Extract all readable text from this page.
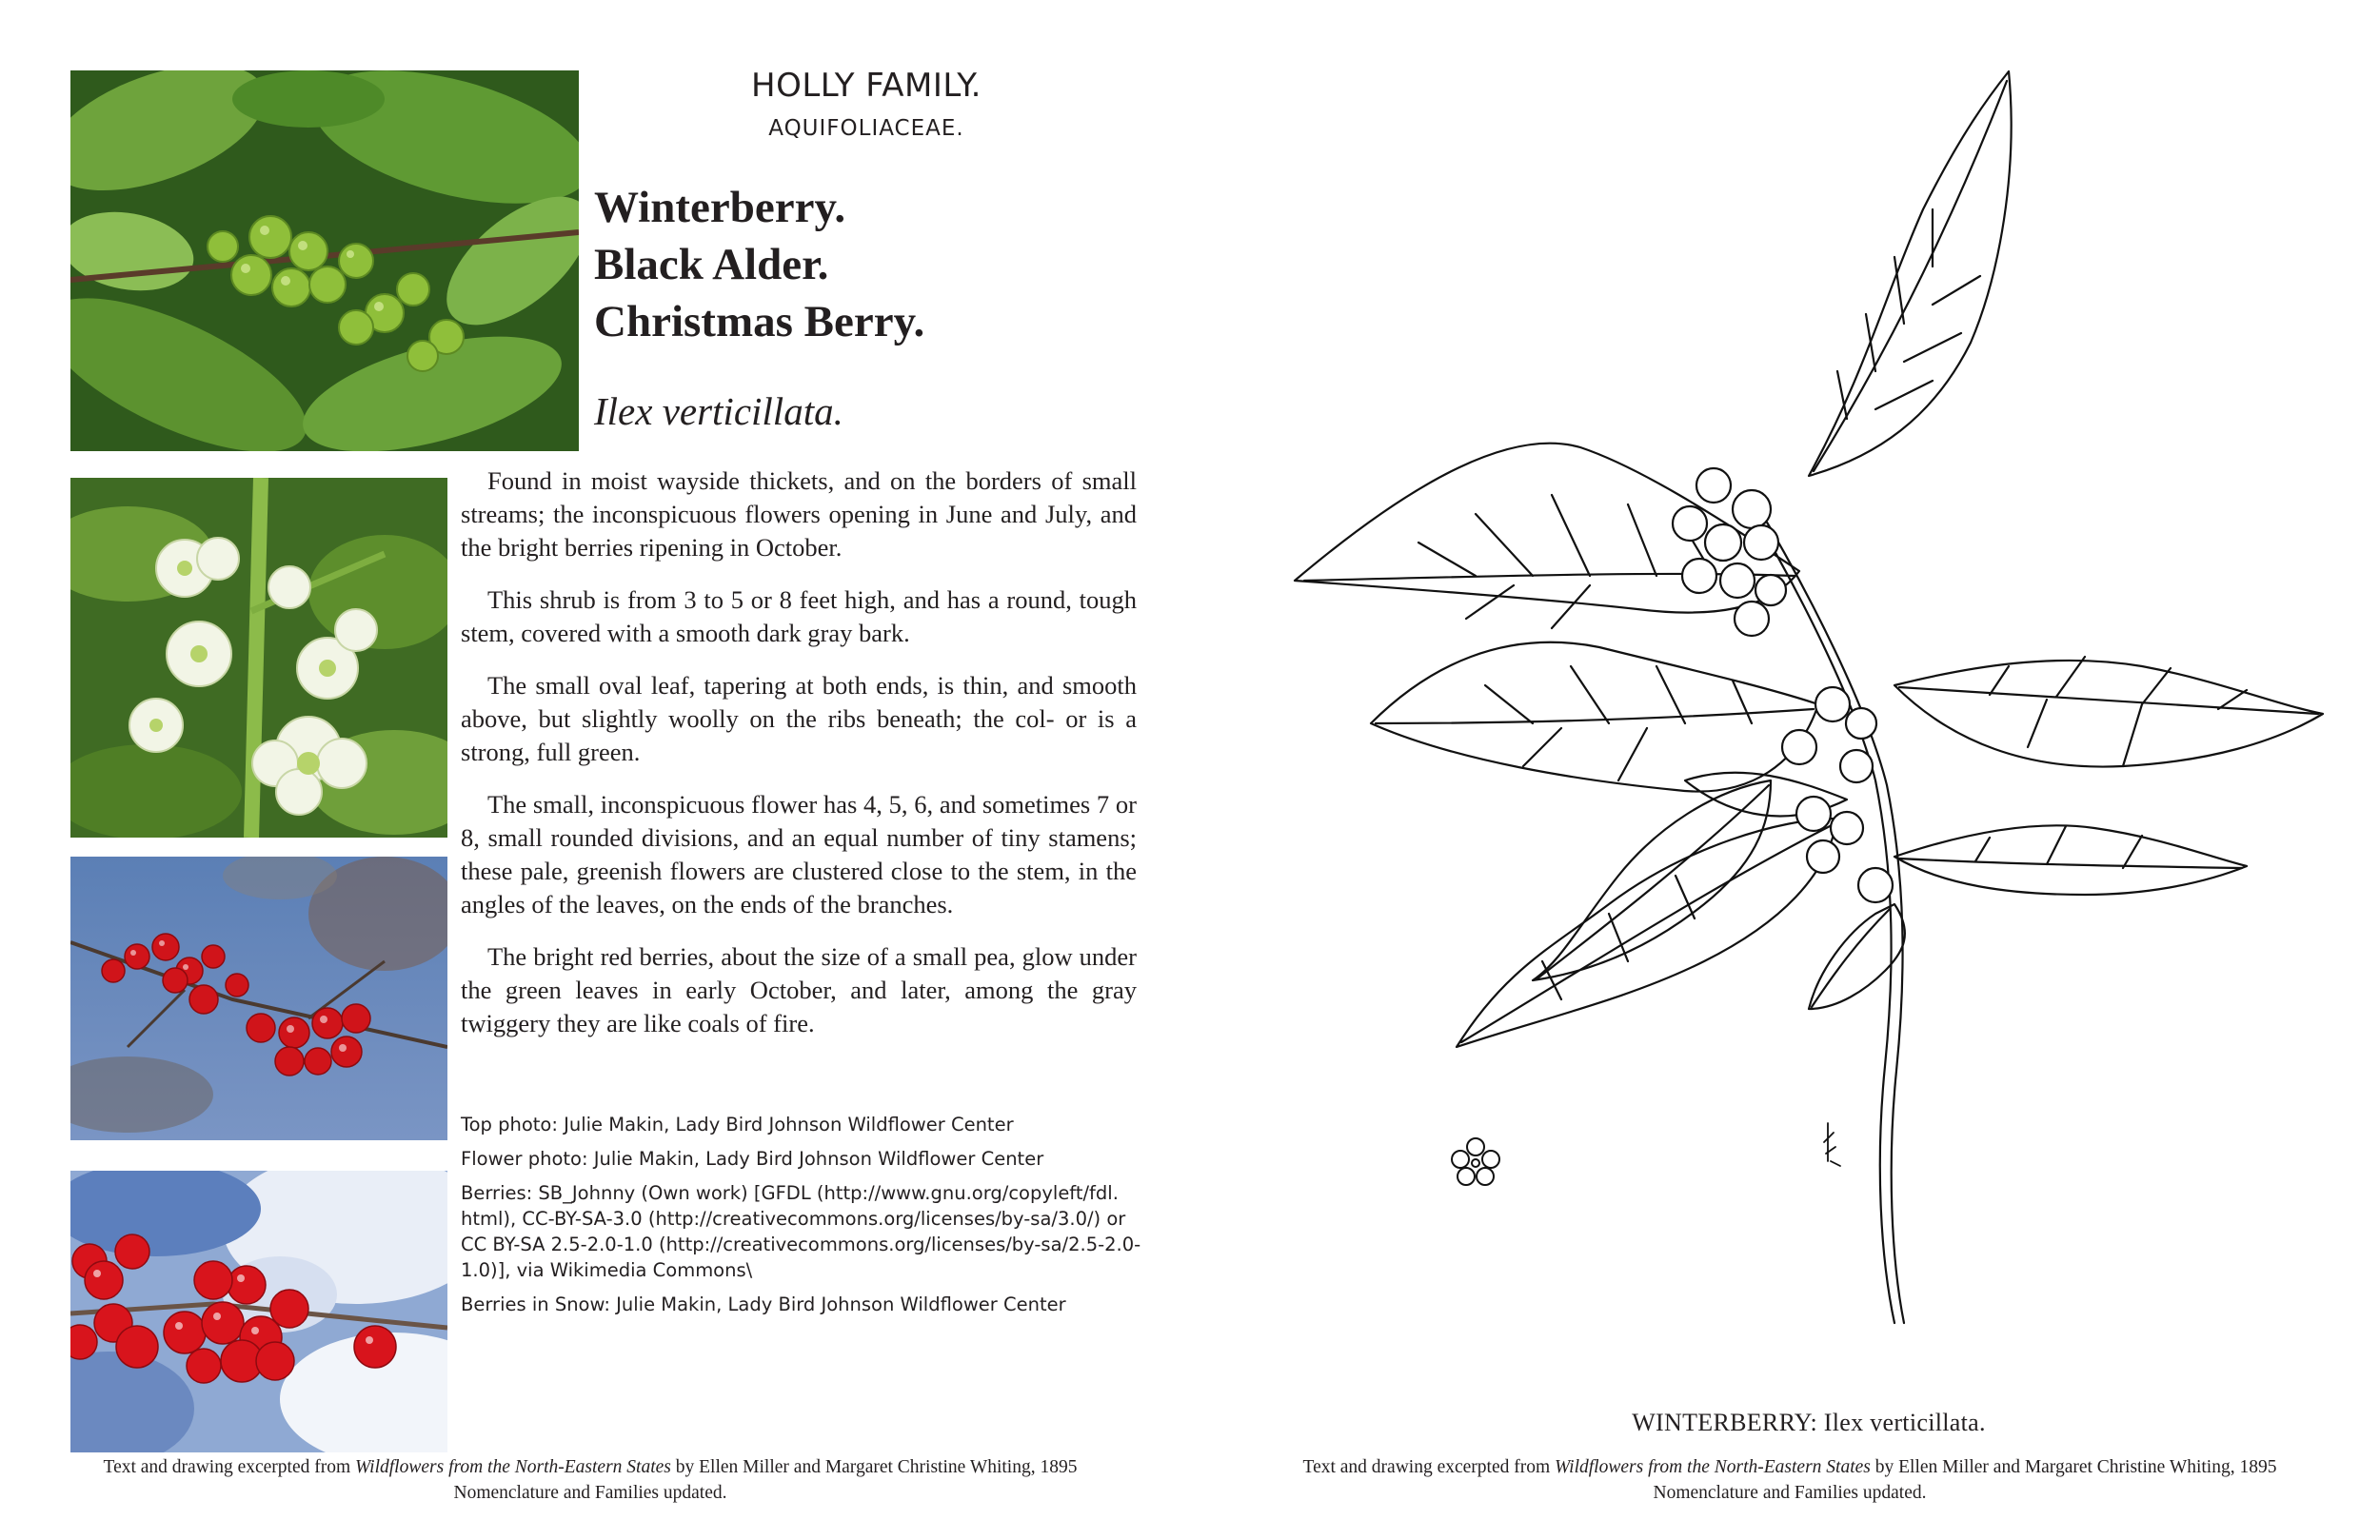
HOLLY FAMILY.
AQUIFOLIACEAE.
Winterberry.
Black Alder.
Christmas Berry.
Ilex verticillata.

Found in moist wayside thickets, and on the borders of small streams; the inconspicuous flowers opening in June and July, and the bright berries ripening in October.

This shrub is from 3 to 5 or 8 feet high, and has a round, tough stem, covered with a smooth dark gray bark.

The small oval leaf, tapering at both ends, is thin, and smooth above, but slightly woolly on the ribs beneath; the col- or is a strong, full green.

The small, inconspicuous flower has 4, 5, 6, and sometimes 7 or 8, small rounded divisions, and an equal number of tiny stamens; these pale, greenish flowers are clustered close to the stem, in the angles of the leaves, on the ends of the branches.

The bright red berries, about the size of a small pea, glow under the green leaves in early October, and later, among the gray twiggery they are like coals of fire.

Top photo: Julie Makin, Lady Bird Johnson Wildflower Center

Flower photo: Julie Makin, Lady Bird Johnson Wildflower Center

Berries: SB_Johnny (Own work) [GFDL (http://www.gnu.org/copyleft/fdl. html), CC-BY-SA-3.0 (http://creativecommons.org/licenses/by-sa/3.0/) or CC BY-SA 2.5-2.0-1.0 (http://creativecommons.org/licenses/by-sa/2.5-2.0-1.0)], via Wikimedia Commons\

Berries in Snow: Julie Makin, Lady Bird Johnson Wildflower Center

Text and drawing excerpted from Wildflowers from the North-Eastern States by Ellen Miller and Margaret Christine Whiting, 1895
Nomenclature and Families updated.
Text and drawing excerpted from Wildflowers from the North-Eastern States by Ellen Miller and Margaret Christine Whiting, 1895
Nomenclature and Families updated.
WINTERBERRY: Ilex verticillata.
